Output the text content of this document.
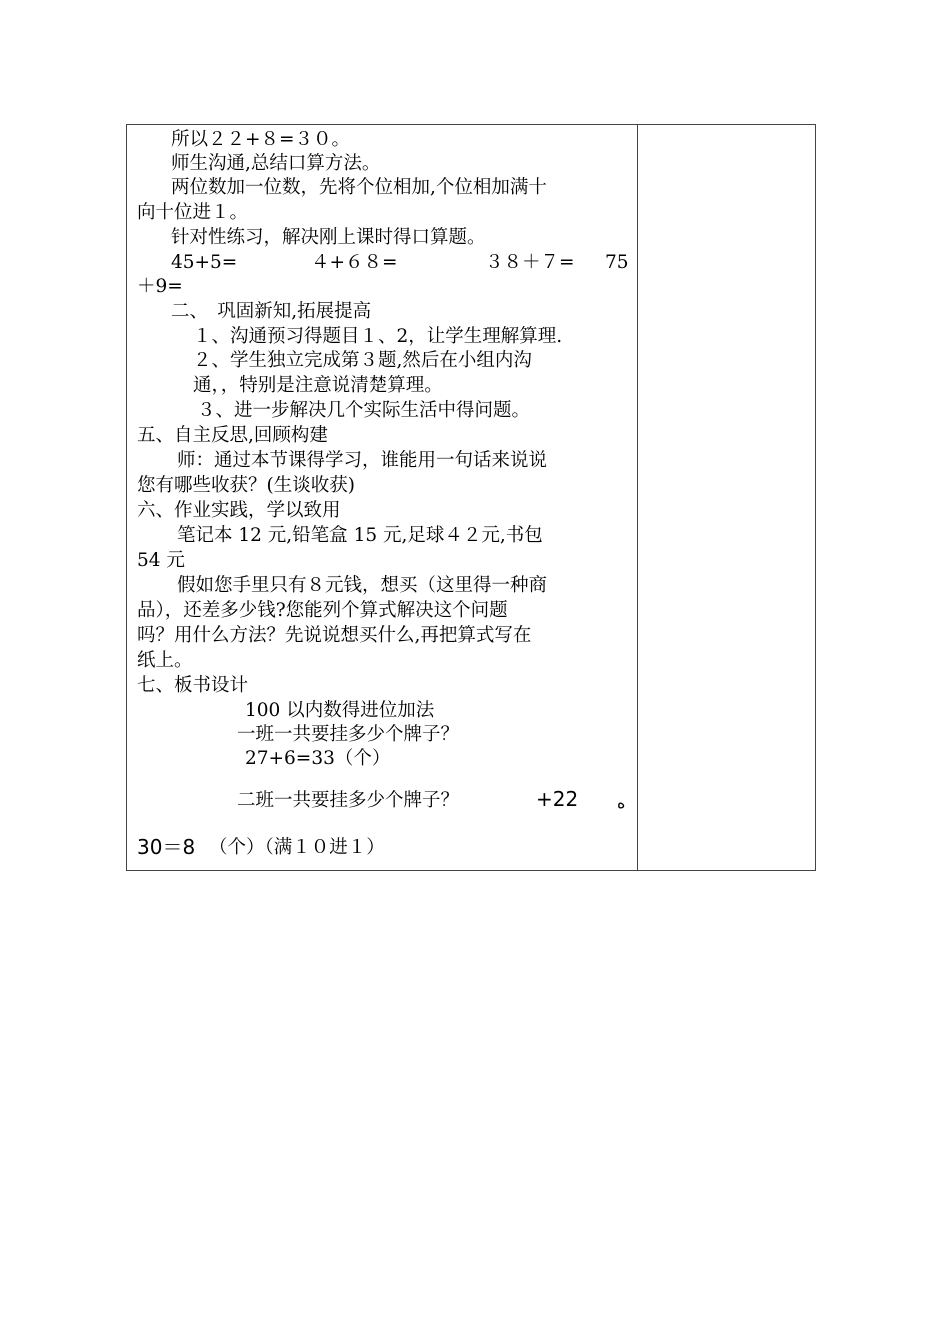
所以２２+８=３０。
师生沟通,总结口算方法。
两位数加一位数，先将个位相加,个位相加满十
向十位进１。
针对性练习，解决刚上课时得口算题。
45+5=	４+６８=	３８＋７= 75
＋9=
二、　巩固新知,拓展提高
１、沟通预习得题目１、2，让学生理解算理.
２、学生独立完成第３题,然后在小组内沟
通，，特别是注意说清楚算理。
３、进一步解决几个实际生活中得问题。
五、自主反思,回顾构建
师：通过本节课得学习，谁能用一句话来说说
您有哪些收获？(生谈收获)
六、作业实践，学以致用
笔记本 12 元,铅笔盒 15 元,足球４２元,书包
54 元
假如您手里只有８元钱，想买（这里得一种商
品），还差多少钱?您能列个算式解决这个问题
吗？用什么方法？先说说想买什么,再把算式写在
纸上。
七、板书设计
100 以内数得进位加法
一班一共要挂多少个牌子？
27+6=33（个）
二班一共要挂多少个牌子？	+22 ه
30＝8 （个）（满１０进１）
